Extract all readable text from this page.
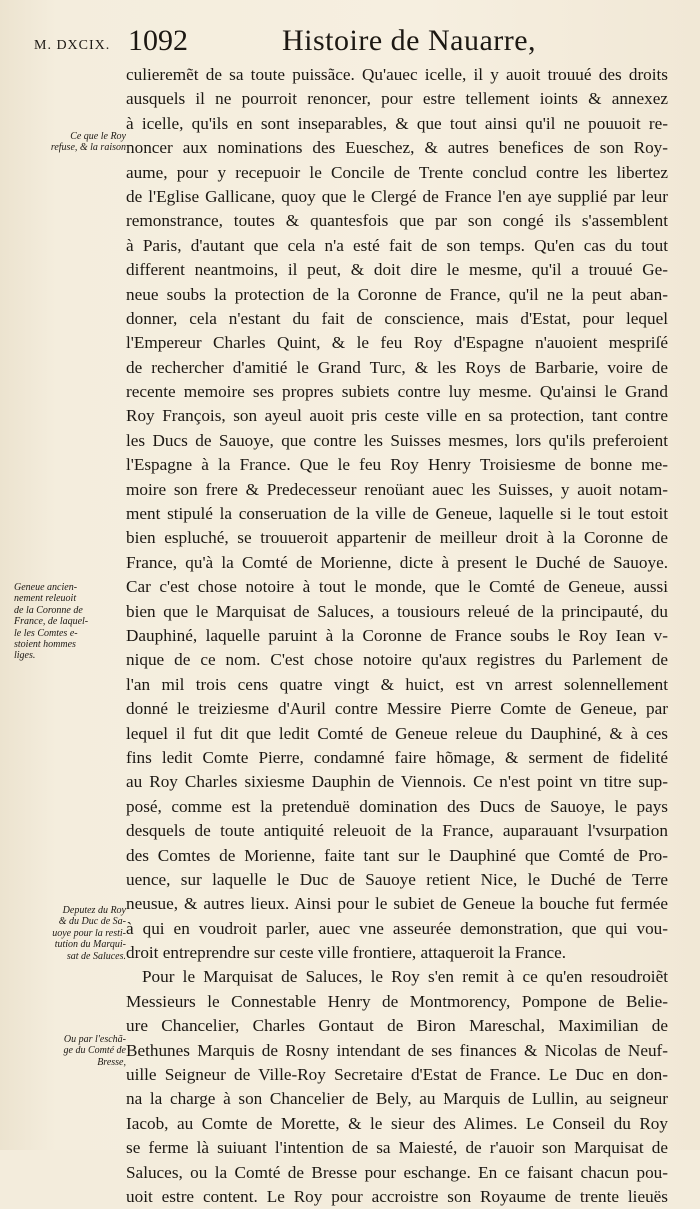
M. DXCIX. 1092	Histoire de Nauarre,
Ce que le Roy
refuse, & la raison
Geneue ancien-
nement releuoit
de la Coronne de
France, de laquel-
le les Comtes e-
stoient hommes
liges.
Deputez du Roy
& du Duc de Sa-
uoye pour la resti-
tution du Marqui-
sat de Saluces.
Ou par l'eschã-
ge du Comté de
Bresse,
culieremẽt de sa toute puissãce. Qu'auec icelle, il y auoit trouué des droits
ausquels il ne pourroit renoncer, pour estre tellement ioints & annexez
à icelle, qu'ils en sont inseparables, & que tout ainsi qu'il ne pouuoit re-
noncer aux nominations des Eueschez, & autres benefices de son Roy-
aume, pour y recepuoir le Concile de Trente conclud contre les libertez
de l'Eglise Gallicane, quoy que le Clergé de France l'en aye supplié par leur
remonstrance, toutes & quantesfois que par son congé ils s'assemblent
à Paris, d'autant que cela n'a esté fait de son temps. Qu'en cas du tout
different neantmoins, il peut, & doit dire le mesme, qu'il a trouué Ge-
neue soubs la protection de la Coronne de France, qu'il ne la peut aban-
donner, cela n'estant du fait de conscience, mais d'Estat, pour lequel
l'Empereur Charles Quint, & le feu Roy d'Espagne n'auoient mespriſé
de rechercher d'amitié le Grand Turc, & les Roys de Barbarie, voire de
recente memoire ses propres subiets contre luy mesme. Qu'ainsi le Grand
Roy François, son ayeul auoit pris ceste ville en sa protection, tant contre
les Ducs de Sauoye, que contre les Suisses mesmes, lors qu'ils preferoient
l'Espagne à la France. Que le feu Roy Henry Troisiesme de bonne me-
moire son frere & Predecesseur renoüant auec les Suisses, y auoit notam-
ment stipulé la conseruation de la ville de Geneue, laquelle si le tout estoit
bien espluché, se trouueroit appartenir de meilleur droit à la Coronne de
France, qu'à la Comté de Morienne, dicte à present le Duché de Sauoye.
Car c'est chose notoire à tout le monde, que le Comté de Geneue, aussi
bien que le Marquisat de Saluces, a tousiours releué de la principauté, du
Dauphiné, laquelle paruint à la Coronne de France soubs le Roy Iean v-
nique de ce nom. C'est chose notoire qu'aux registres du Parlement de
l'an mil trois cens quatre vingt & huict, est vn arrest solennellement
donné le treiziesme d'Auril contre Messire Pierre Comte de Geneue, par
lequel il fut dit que ledit Comté de Geneue releue du Dauphiné, & à ces
fins ledit Comte Pierre, condamné faire hõmage, & serment de fidelité
au Roy Charles sixiesme Dauphin de Viennois. Ce n'est point vn titre sup-
posé, comme est la pretenduë domination des Ducs de Sauoye, le pays
desquels de toute antiquité releuoit de la France, auparauant l'vsurpation
des Comtes de Morienne, faite tant sur le Dauphiné que Comté de Pro-
uence, sur laquelle le Duc de Sauoye retient Nice, le Duché de Terre
neusue, & autres lieux. Ainsi pour le subiet de Geneue la bouche fut fermée
à qui en voudroit parler, auec vne asseurée demonstration, que qui vou-
droit entreprendre sur ceste ville frontiere, attaqueroit la France.
Pour le Marquisat de Saluces, le Roy s'en remit à ce qu'en resoudroiẽt
Messieurs le Connestable Henry de Montmorency, Pompone de Belie-
ure Chancelier, Charles Gontaut de Biron Mareschal, Maximilian de
Bethunes Marquis de Rosny intendant de ses finances & Nicolas de Neuf-
uille Seigneur de Ville-Roy Secretaire d'Estat de France. Le Duc en don-
na la charge à son Chancelier de Bely, au Marquis de Lullin, au seigneur
Iacob, au Comte de Morette, & le sieur des Alimes. Le Conseil du Roy
se ferme là suiuant l'intention de sa Maiesté, de r'auoir son Marquisat de
Saluces, ou la Comté de Bresse pour eschange. En ce faisant chacun pou-
uoit estre content. Le Roy pour accroistre son Royaume de trente lieuës
